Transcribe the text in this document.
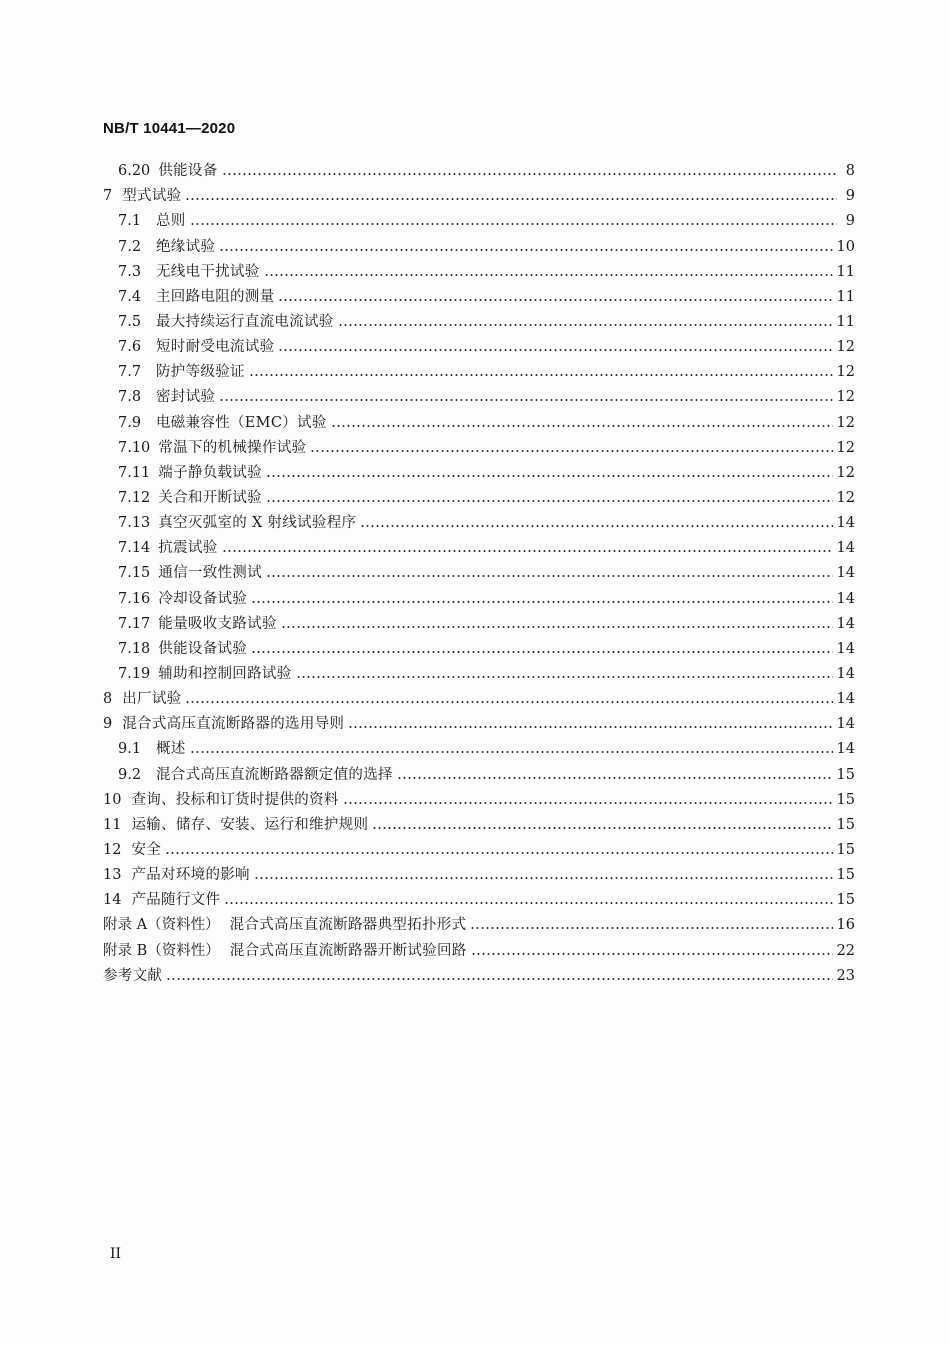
NB/T 10441—2020
6.20 供能设备	8
7 型式试验	9
7.1	总则	9
7.2	绝缘试验	10
7.3	无线电干扰试验	11
7.4	主回路电阻的测量	11
7.5	最大持续运行直流电流试验	11
7.6	短时耐受电流试验	12
7.7	防护等级验证	12
7.8	密封试验	12
7.9	电磁兼容性（EMC）试验	12
7.10 常温下的机械操作试验	12
7.11 端子静负载试验	12
7.12 关合和开断试验	12
7.13 真空灭弧室的 X 射线试验程序	14
7.14 抗震试验	14
7.15 通信一致性测试	14
7.16 冷却设备试验	14
7.17 能量吸收支路试验	14
7.18 供能设备试验	14
7.19 辅助和控制回路试验	14
8 出厂试验	14
9 混合式高压直流断路器的选用导则	14
9.1	概述	14
9.2	混合式高压直流断路器额定值的选择	15
10 查询、投标和订货时提供的资料	15
11 运输、储存、安装、运行和维护规则	15
12 安全	15
13 产品对环境的影响	15
14 产品随行文件	15
附录 A（资料性） 混合式高压直流断路器典型拓扑形式	16
附录 B（资料性） 混合式高压直流断路器开断试验回路	22
参考文献	23
II
